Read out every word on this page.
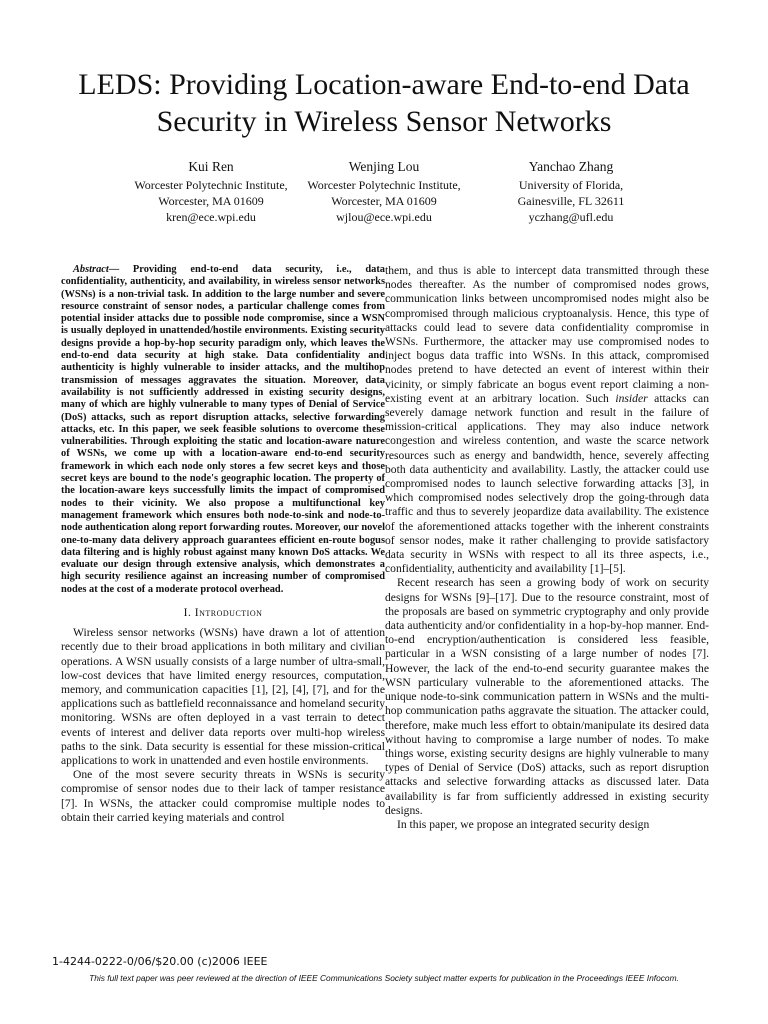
LEDS: Providing Location-aware End-to-end Data
Security in Wireless Sensor Networks
Kui Ren
Worcester Polytechnic Institute,
Worcester, MA 01609
kren@ece.wpi.edu
Wenjing Lou
Worcester Polytechnic Institute,
Worcester, MA 01609
wjlou@ece.wpi.edu
Yanchao Zhang
University of Florida,
Gainesville, FL 32611
yczhang@ufl.edu

Abstract— Providing end-to-end data security, i.e., data confidentiality, authenticity, and availability, in wireless sensor networks (WSNs) is a non-trivial task. In addition to the large number and severe resource constraint of sensor nodes, a particular challenge comes from potential insider attacks due to possible node compromise, since a WSN is usually deployed in unattended/hostile environments. Existing security designs provide a hop-by-hop security paradigm only, which leaves the end-to-end data security at high stake. Data confidentiality and authenticity is highly vulnerable to insider attacks, and the multihop transmission of messages aggravates the situation. Moreover, data availability is not sufficiently addressed in existing security designs, many of which are highly vulnerable to many types of Denial of Service (DoS) attacks, such as report disruption attacks, selective forwarding attacks, etc. In this paper, we seek feasible solutions to overcome these vulnerabilities. Through exploiting the static and location-aware nature of WSNs, we come up with a location-aware end-to-end security framework in which each node only stores a few secret keys and those secret keys are bound to the node's geographic location. The property of the location-aware keys successfully limits the impact of compromised nodes to their vicinity. We also propose a multifunctional key management framework which ensures both node-to-sink and node-to-node authentication along report forwarding routes. Moreover, our novel one-to-many data delivery approach guarantees efficient en-route bogus data filtering and is highly robust against many known DoS attacks. We evaluate our design through extensive analysis, which demonstrates a high security resilience against an increasing number of compromised nodes at the cost of a moderate protocol overhead.

I. Introduction

Wireless sensor networks (WSNs) have drawn a lot of attention recently due to their broad applications in both military and civilian operations. A WSN usually consists of a large number of ultra-small, low-cost devices that have limited energy resources, computation, memory, and communication capacities [1], [2], [4], [7], and for the applications such as battlefield reconnaissance and homeland security monitoring. WSNs are often deployed in a vast terrain to detect events of interest and deliver data reports over multi-hop wireless paths to the sink. Data security is essential for these mission-critical applications to work in unattended and even hostile environments.

One of the most severe security threats in WSNs is security compromise of sensor nodes due to their lack of tamper resistance [7]. In WSNs, the attacker could compromise multiple nodes to obtain their carried keying materials and control

them, and thus is able to intercept data transmitted through these nodes thereafter. As the number of compromised nodes grows, communication links between uncompromised nodes might also be compromised through malicious cryptoanalysis. Hence, this type of attacks could lead to severe data confidentiality compromise in WSNs. Furthermore, the attacker may use compromised nodes to inject bogus data traffic into WSNs. In this attack, compromised nodes pretend to have detected an event of interest within their vicinity, or simply fabricate an bogus event report claiming a non-existing event at an arbitrary location. Such insider attacks can severely damage network function and result in the failure of mission-critical applications. They may also induce network congestion and wireless contention, and waste the scarce network resources such as energy and bandwidth, hence, severely affecting both data authenticity and availability. Lastly, the attacker could use compromised nodes to launch selective forwarding attacks [3], in which compromised nodes selectively drop the going-through data traffic and thus to severely jeopardize data availability. The existence of the aforementioned attacks together with the inherent constraints of sensor nodes, make it rather challenging to provide satisfactory data security in WSNs with respect to all its three aspects, i.e., confidentiality, authenticity and availability [1]–[5].

Recent research has seen a growing body of work on security designs for WSNs [9]–[17]. Due to the resource constraint, most of the proposals are based on symmetric cryptography and only provide data authenticity and/or confidentiality in a hop-by-hop manner. End-to-end encryption/authentication is considered less feasible, particular in a WSN consisting of a large number of nodes [7]. However, the lack of the end-to-end security guarantee makes the WSN particulary vulnerable to the aforementioned attacks. The unique node-to-sink communication pattern in WSNs and the multi-hop communication paths aggravate the situation. The attacker could, therefore, make much less effort to obtain/manipulate its desired data without having to compromise a large number of nodes. To make things worse, existing security designs are highly vulnerable to many types of Denial of Service (DoS) attacks, such as report disruption attacks and selective forwarding attacks as discussed later. Data availability is far from sufficiently addressed in existing security designs.

In this paper, we propose an integrated security design

1-4244-0222-0/06/$20.00 (c)2006 IEEE
This full text paper was peer reviewed at the direction of IEEE Communications Society subject matter experts for publication in the Proceedings IEEE Infocom.
